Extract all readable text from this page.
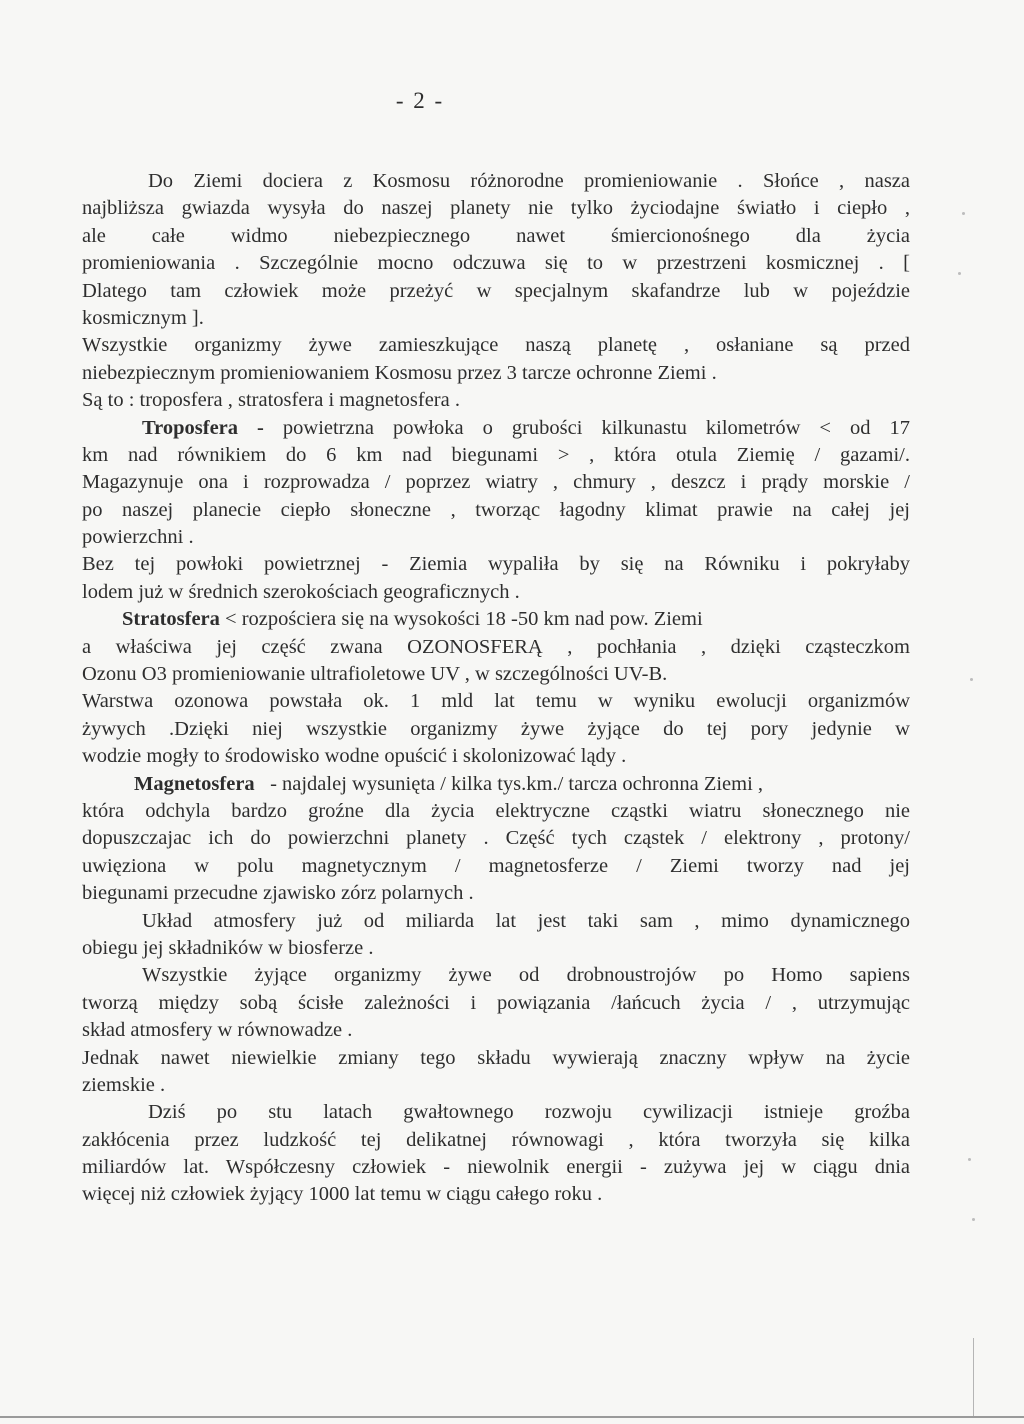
- 2 -
Do Ziemi dociera z Kosmosu różnorodne promieniowanie . Słońce , nasza
najbliższa gwiazda wysyła do naszej planety nie tylko życiodajne światło i ciepło ,
ale całe widmo niebezpiecznego nawet śmiercionośnego dla życia
promieniowania . Szczególnie mocno odczuwa się to w przestrzeni kosmicznej . [
Dlatego tam człowiek może przeżyć w specjalnym skafandrze lub w pojeździe
kosmicznym ].
Wszystkie organizmy żywe zamieszkujące naszą planetę , osłaniane są przed
niebezpiecznym promieniowaniem Kosmosu przez 3 tarcze ochronne Ziemi .
Są to : troposfera , stratosfera i magnetosfera .
Troposfera - powietrzna powłoka o grubości kilkunastu kilometrów < od 17
km nad równikiem do 6 km nad biegunami > , która otula Ziemię / gazami/.
Magazynuje ona i rozprowadza / poprzez wiatry , chmury , deszcz i prądy morskie /
po naszej planecie ciepło słoneczne , tworząc łagodny klimat prawie na całej jej
powierzchni .
Bez tej powłoki powietrznej - Ziemia wypaliła by się na Równiku i pokryłaby
lodem już w średnich szerokościach geograficznych .
Stratosfera < rozpościera się na wysokości 18 -50 km nad pow. Ziemi
a właściwa jej część zwana OZONOSFERĄ , pochłania , dzięki cząsteczkom
Ozonu O3 promieniowanie ultrafioletowe UV , w szczególności UV-B.
Warstwa ozonowa powstała ok. 1 mld lat temu w wyniku ewolucji organizmów
żywych .Dzięki niej wszystkie organizmy żywe żyjące do tej pory jedynie w
wodzie mogły to środowisko wodne opuścić i skolonizować lądy .
Magnetosfera - najdalej wysunięta / kilka tys.km./ tarcza ochronna Ziemi ,
która odchyla bardzo groźne dla życia elektryczne cząstki wiatru słonecznego nie
dopuszczajac ich do powierzchni planety . Część tych cząstek / elektrony , protony/
uwięziona w polu magnetycznym / magnetosferze / Ziemi tworzy nad jej
biegunami przecudne zjawisko zórz polarnych .
Układ atmosfery już od miliarda lat jest taki sam , mimo dynamicznego
obiegu jej składników w biosferze .
Wszystkie żyjące organizmy żywe od drobnoustrojów po Homo sapiens
tworzą między sobą ścisłe zależności i powiązania /łańcuch życia / , utrzymując
skład atmosfery w równowadze .
Jednak nawet niewielkie zmiany tego składu wywierają znaczny wpływ na życie
ziemskie .
Dziś po stu latach gwałtownego rozwoju cywilizacji istnieje groźba
zakłócenia przez ludzkość tej delikatnej równowagi , która tworzyła się kilka
miliardów lat. Współczesny człowiek - niewolnik energii - zużywa jej w ciągu dnia
więcej niż człowiek żyjący 1000 lat temu w ciągu całego roku .
